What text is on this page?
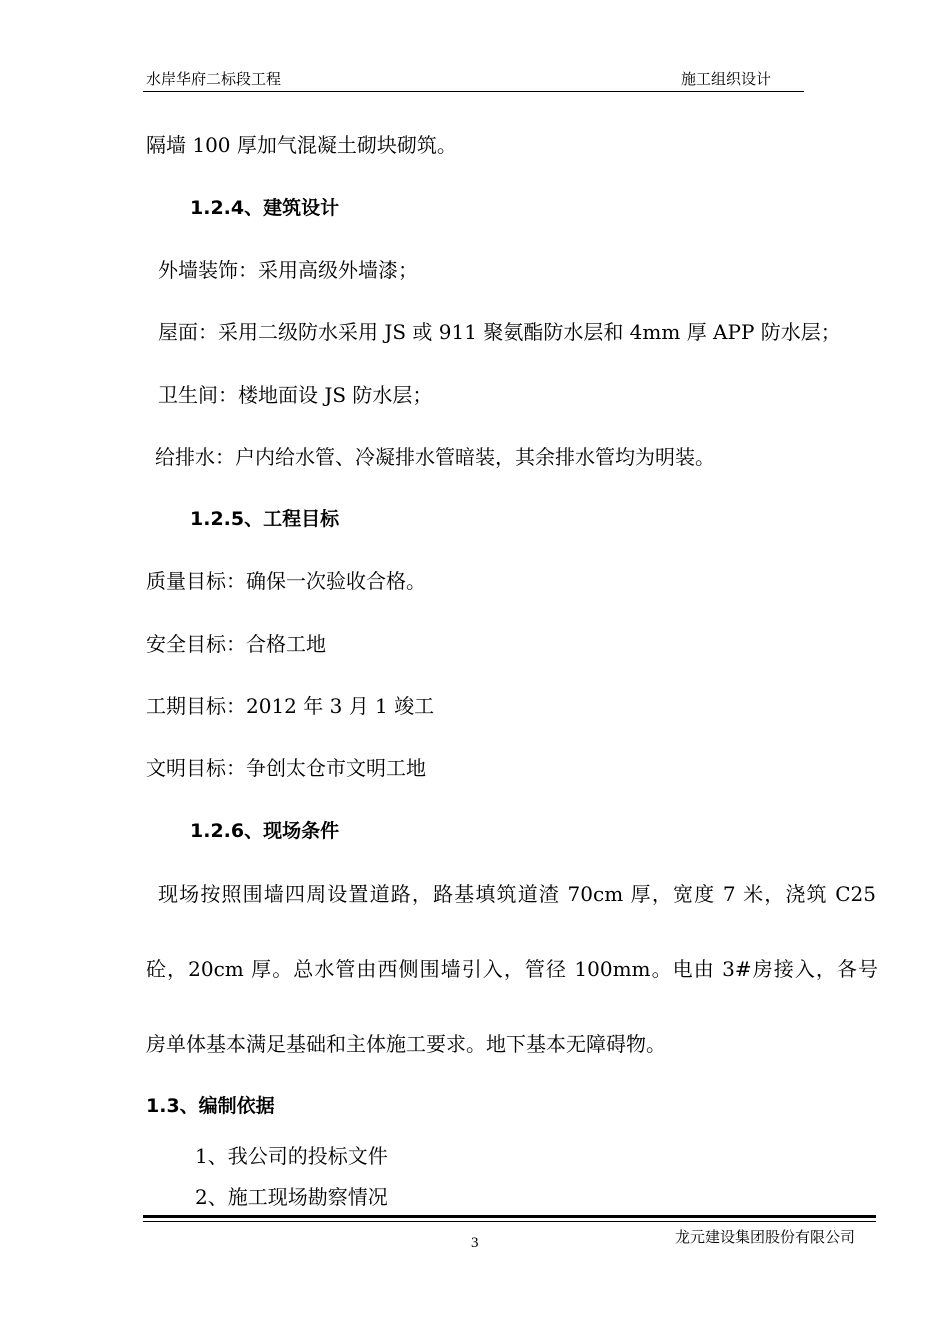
水岸华府二标段工程	施工组织设计
隔墙 100 厚加气混凝土砌块砌筑。
1.2.4、建筑设计
外墙装饰：采用高级外墙漆；
屋面：采用二级防水采用 JS 或 911 聚氨酯防水层和 4mm 厚 APP 防水层；
卫生间：楼地面设 JS 防水层；
给排水：户内给水管、冷凝排水管暗装，其余排水管均为明装。
1.2.5、工程目标
质量目标：确保一次验收合格。
安全目标：合格工地
工期目标：2012 年 3 月 1 竣工
文明目标：争创太仓市文明工地
1.2.6、现场条件
现场按照围墙四周设置道路，路基填筑道渣 70cm 厚，宽度 7 米，浇筑 C25
砼，20cm 厚。总水管由西侧围墙引入，管径 100mm。电由 3#房接入，各号
房单体基本满足基础和主体施工要求。地下基本无障碍物。
1.3、编制依据
1、我公司的投标文件
2、施工现场勘察情况
3	龙元建设集团股份有限公司
